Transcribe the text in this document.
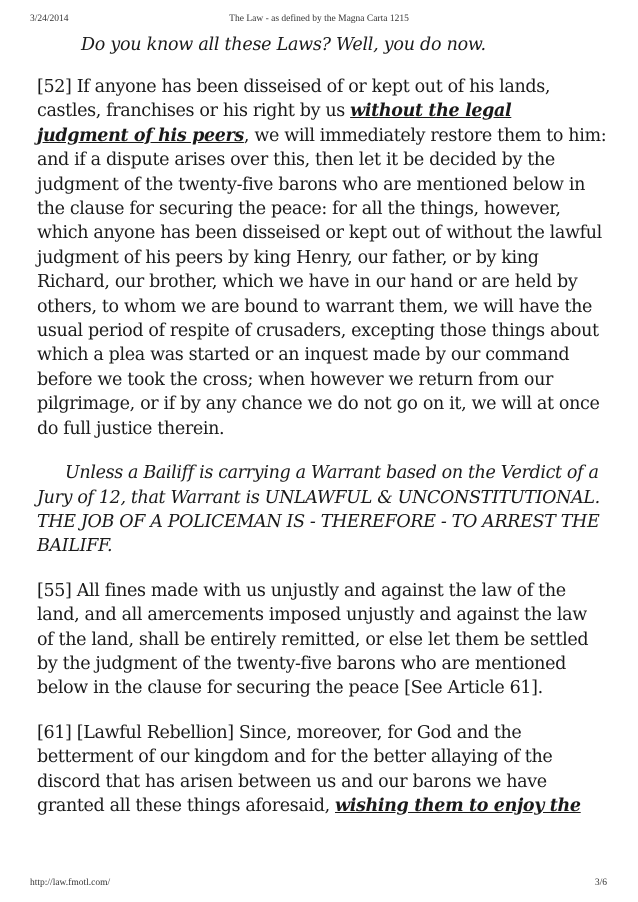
3/24/2014	The Law - as defined by the Magna Carta 1215
Do you know all these Laws? Well, you do now.

[52] If anyone has been disseised of or kept out of his lands, castles, franchises or his right by us without the legal judgment of his peers, we will immediately restore them to him: and if a dispute arises over this, then let it be decided by the judgment of the twenty-five barons who are mentioned below in the clause for securing the peace: for all the things, however, which anyone has been disseised or kept out of without the lawful judgment of his peers by king Henry, our father, or by king Richard, our brother, which we have in our hand or are held by others, to whom we are bound to warrant them, we will have the usual period of respite of crusaders, excepting those things about which a plea was started or an inquest made by our command before we took the cross; when however we return from our pilgrimage, or if by any chance we do not go on it, we will at once do full justice therein.

Unless a Bailiff is carrying a Warrant based on the Verdict of a Jury of 12, that Warrant is UNLAWFUL & UNCONSTITUTIONAL. THE JOB OF A POLICEMAN IS - THEREFORE - TO ARREST THE BAILIFF.

[55] All fines made with us unjustly and against the law of the land, and all amercements imposed unjustly and against the law of the land, shall be entirely remitted, or else let them be settled by the judgment of the twenty-five barons who are mentioned below in the clause for securing the peace [See Article 61].

[61] [Lawful Rebellion] Since, moreover, for God and the betterment of our kingdom and for the better allaying of the discord that has arisen between us and our barons we have granted all these things aforesaid, wishing them to enjoy the

http://law.fmotl.com/	3/6
